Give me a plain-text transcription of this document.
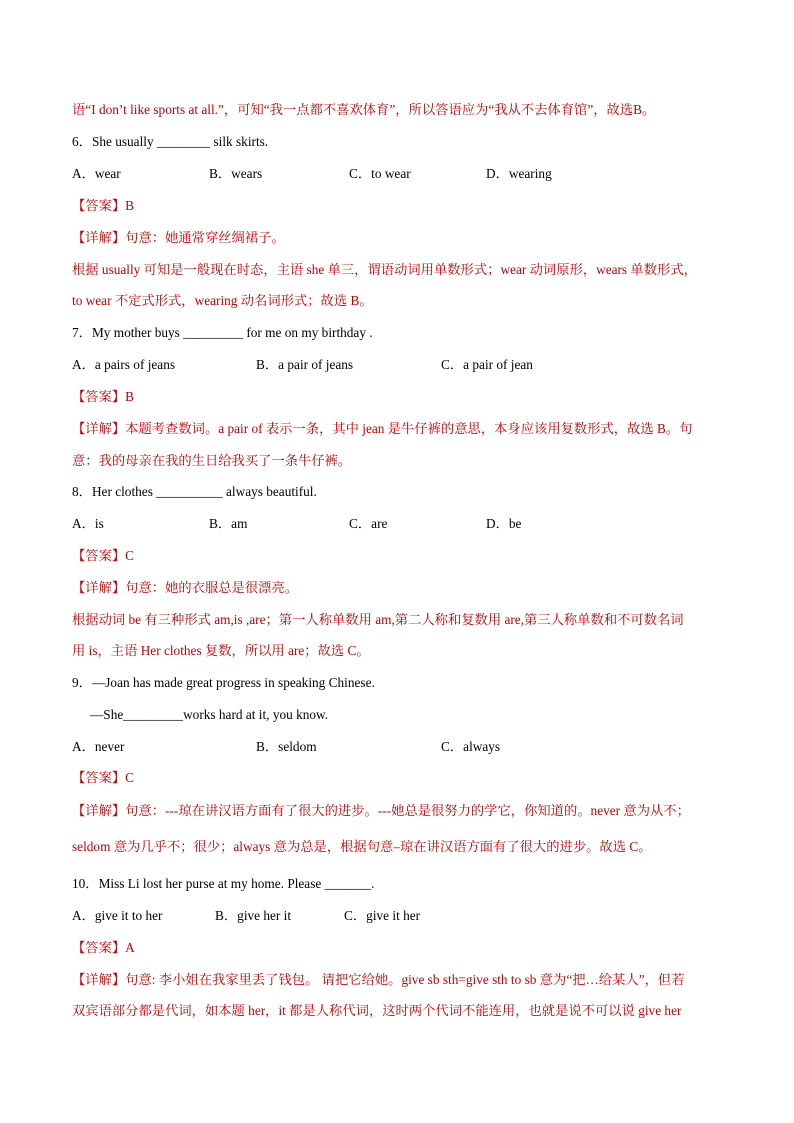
语“I don’t like sports at all.”，可知“我一点都不喜欢体育”，所以答语应为“我从不去体育馆”，故选B。
6．She usually ________ silk skirts.
A．wear	B．wears	C．to wear	D．wearing
【答案】B
【详解】句意：她通常穿丝绸裙子。
根据 usually 可知是一般现在时态，主语 she 单三，谓语动词用单数形式；wear 动词原形，wears 单数形式，
to wear 不定式形式，wearing 动名词形式；故选 B。
7．My mother buys _________ for me on my birthday .
A．a pairs of jeans	B．a pair of jeans	C．a pair of jean
【答案】B
【详解】本题考查数词。a pair of 表示一条，其中 jean 是牛仔裤的意思，本身应该用复数形式，故选 B。句
意：我的母亲在我的生日给我买了一条牛仔裤。
8．Her clothes __________ always beautiful.
A．is	B．am	C．are	D．be
【答案】C
【详解】句意：她的衣服总是很漂亮。
根据动词 be 有三种形式 am,is ,are；第一人称单数用 am,第二人称和复数用 are,第三人称单数和不可数名词
用 is，主语 Her clothes 复数，所以用 are；故选 C。
9．—Joan has made great progress in speaking Chinese.
—She_________works hard at it, you know.
A．never	B．seldom	C．always
【答案】C
【详解】句意：---琼在讲汉语方面有了很大的进步。---她总是很努力的学它，你知道的。never 意为从不；
seldom 意为几乎不；很少；always 意为总是，根据句意–琼在讲汉语方面有了很大的进步。故选 C。
10．Miss Li lost her purse at my home. Please _______.
A．give it to her	B．give her it	C．give it her
【答案】A
【详解】句意: 李小姐在我家里丢了钱包。 请把它给她。give sb sth=give sth to sb 意为“把…给某人”，但若
双宾语部分都是代词，如本题 her，it 都是人称代词，这时两个代词不能连用，也就是说不可以说 give her
